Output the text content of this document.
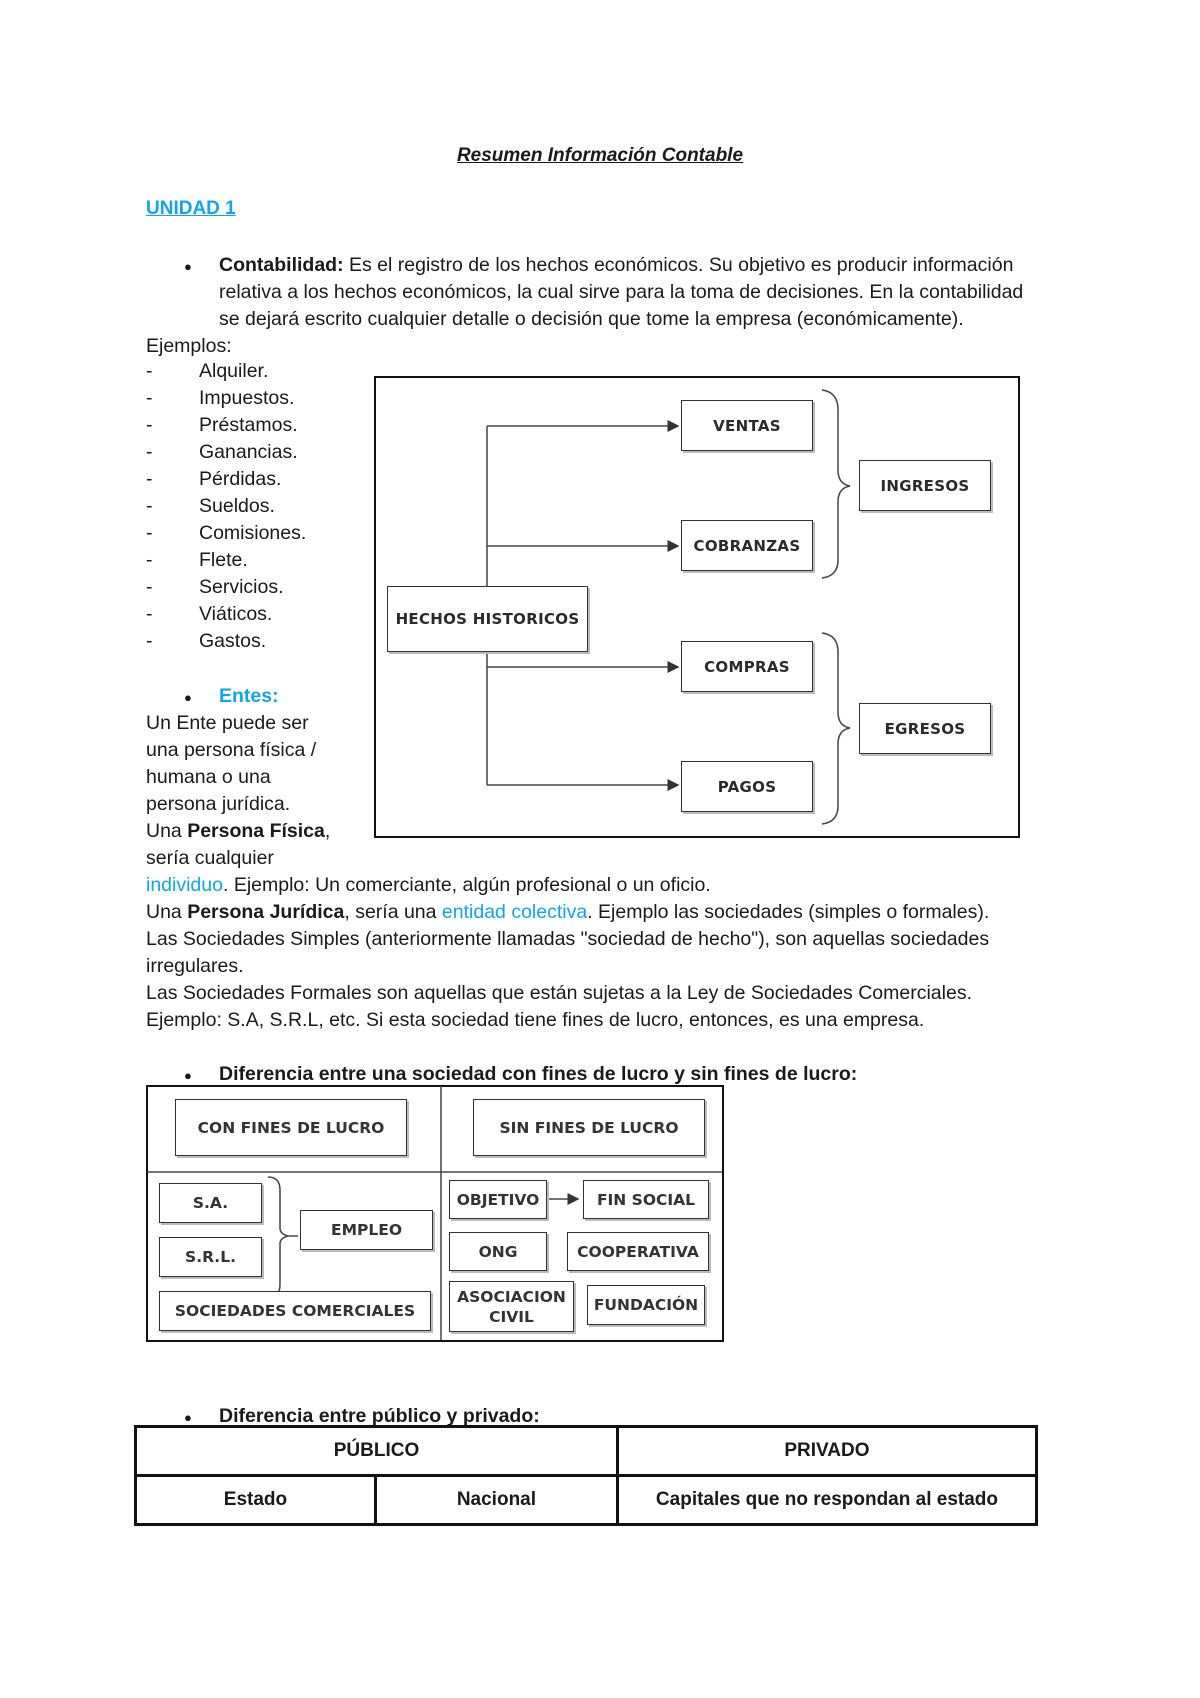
Resumen Información Contable
UNIDAD 1
● Contabilidad: Es el registro de los hechos económicos. Su objetivo es producir información
relativa a los hechos económicos, la cual sirve para la toma de decisiones. En la contabilidad
se dejará escrito cualquier detalle o decisión que tome la empresa (económicamente).
Ejemplos:
- Alquiler.
- Impuestos.
- Préstamos.
- Ganancias.
- Pérdidas.
- Sueldos.
- Comisiones.
- Flete.
- Servicios.
- Viáticos.
- Gastos.
HECHOS HISTORICOS
VENTAS
COBRANZAS
COMPRAS
PAGOS
INGRESOS
EGRESOS
● Entes:
Un Ente puede ser
una persona física /
humana o una
persona jurídica.
Una Persona Física,
sería cualquier
individuo. Ejemplo: Un comerciante, algún profesional o un oficio.
Una Persona Jurídica, sería una entidad colectiva. Ejemplo las sociedades (simples o formales).
Las Sociedades Simples (anteriormente llamadas "sociedad de hecho"), son aquellas sociedades
irregulares.
Las Sociedades Formales son aquellas que están sujetas a la Ley de Sociedades Comerciales.
Ejemplo: S.A, S.R.L, etc. Si esta sociedad tiene fines de lucro, entonces, es una empresa.
● Diferencia entre una sociedad con fines de lucro y sin fines de lucro:
CON FINES DE LUCRO	SIN FINES DE LUCRO
S.A.
S.R.L.
EMPLEO
SOCIEDADES COMERCIALES
OBJETIVO	FIN SOCIAL
ONG	COOPERATIVA
ASOCIACION
CIVIL
FUNDACIÓN
● Diferencia entre público y privado:
PÚBLICO		PRIVADO
Estado	Nacional	Capitales que no respondan al estado
